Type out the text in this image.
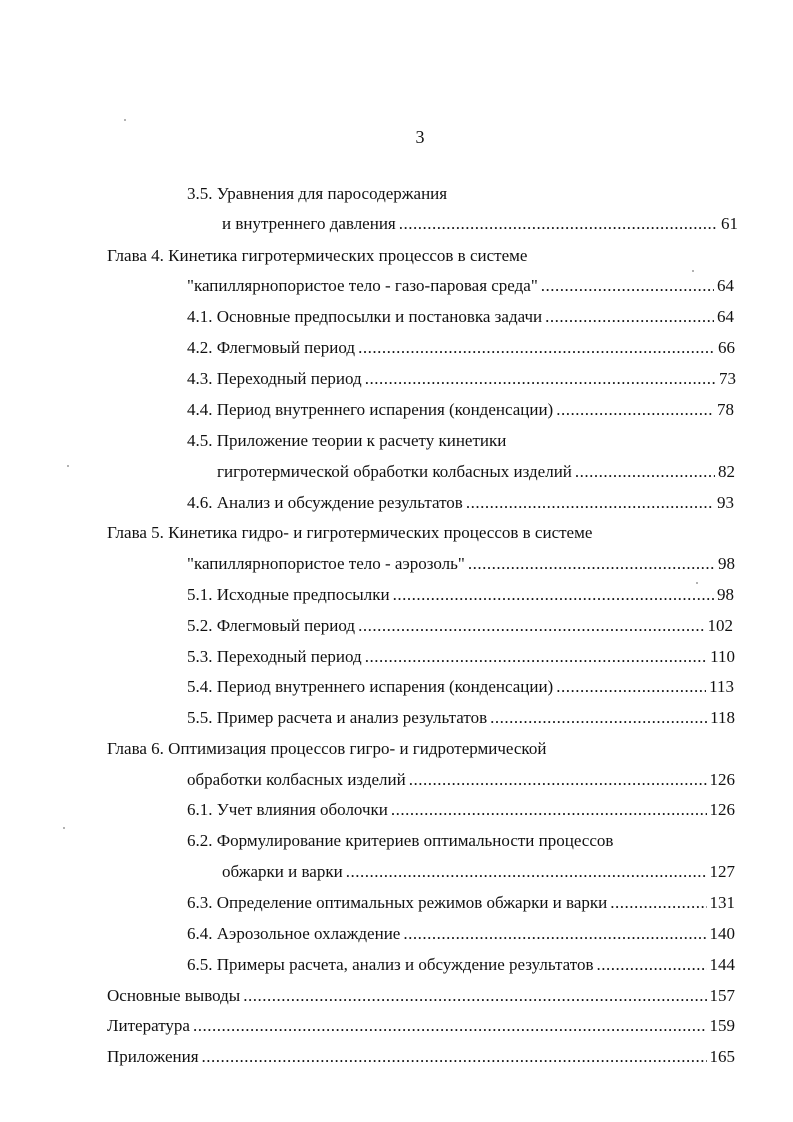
3
3.5. Уравнения для паросодержания
и внутреннего давления .....	61
Глава 4. Кинетика гигротермических процессов в системе
"капиллярнопористое тело - газо-паровая среда" .....	64
4.1. Основные предпосылки и постановка задачи .....	64
4.2. Флегмовый период .....	66
4.3. Переходный период .....	73
4.4. Период внутреннего испарения (конденсации) .....	78
4.5. Приложение теории к расчету кинетики
гигротермической обработки колбасных изделий .....	82
4.6. Анализ и обсуждение результатов .....	93
Глава 5. Кинетика гидро- и гигротермических процессов в системе
"капиллярнопористое тело - аэрозоль" .....	98
5.1. Исходные предпосылки .....	98
5.2. Флегмовый период .....	102
5.3. Переходный период .....	110
5.4. Период внутреннего испарения (конденсации) .....	113
5.5. Пример расчета и анализ результатов .....	118
Глава 6. Оптимизация процессов гигро- и гидротермической
обработки колбасных изделий .....	126
6.1. Учет влияния оболочки .....	126
6.2. Формулирование критериев оптимальности процессов
обжарки и варки .....	127
6.3. Определение оптимальных режимов обжарки и варки .....	131
6.4. Аэрозольное охлаждение .....	140
6.5. Примеры расчета, анализ и обсуждение результатов .....	144
Основные выводы .....	157
Литература .....	159
Приложения .....	165
